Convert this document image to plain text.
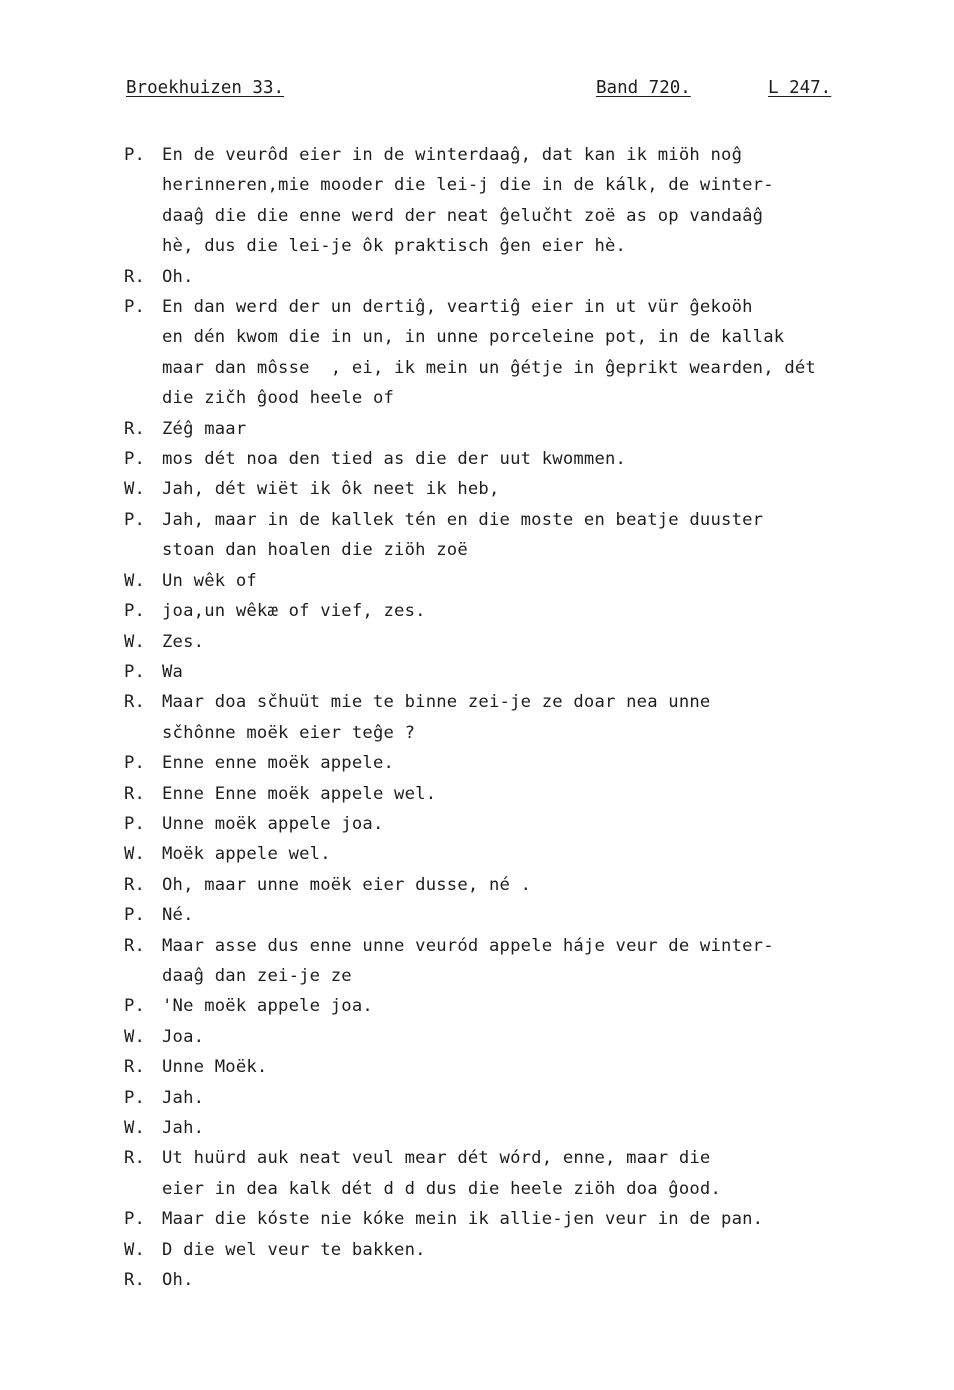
Broekhuizen 33.	Band 720.	L 247.
P. En de veurôd eier in de winterdaaĝ, dat kan ik miöh noĝ
herinneren,mie mooder die lei-j die in de kálk, de winter-
daaĝ die die enne werd der neat ĝelučht zoë as op vandaâĝ
hè, dus die lei-je ôk praktisch ĝen eier hè.
R. Oh.
P. En dan werd der un dertiĝ, veartiĝ eier in ut vür ĝekoöh
en dén kwom die in un, in unne porceleine pot, in de kallak
maar dan môsse  , ei, ik mein un ĝétje in ĝeprikt wearden, dét
die zičh ĝood heele of
R. Zéĝ maar
P. mos dét noa den tied as die der uut kwommen.
W. Jah, dét wiët ik ôk neet ik heb,
P. Jah, maar in de kallek tén en die moste en beatje duuster
stoan dan hoalen die ziöh zoë
W. Un wêk of
P. joa,un wêkæ of vief, zes.
W. Zes.
P. Wa
R. Maar doa sčhuüt mie te binne zei-je ze doar nea unne
sčhônne moëk eier teĝe ?
P. Enne enne moëk appele.
R. Enne Enne moëk appele wel.
P. Unne moëk appele joa.
W. Moëk appele wel.
R. Oh, maar unne moëk eier dusse, né .
P. Né.
R. Maar asse dus enne unne veuród appele háje veur de winter-
daaĝ dan zei-je ze
P. 'Ne moëk appele joa.
W. Joa.
R. Unne Moëk.
P. Jah.
W. Jah.
R. Ut huürd auk neat veul mear dét wórd, enne, maar die
eier in dea kalk dét d d dus die heele ziöh doa ĝood.
P. Maar die kóste nie kóke mein ik allie-jen veur in de pan.
W. D die wel veur te bakken.
R. Oh.
